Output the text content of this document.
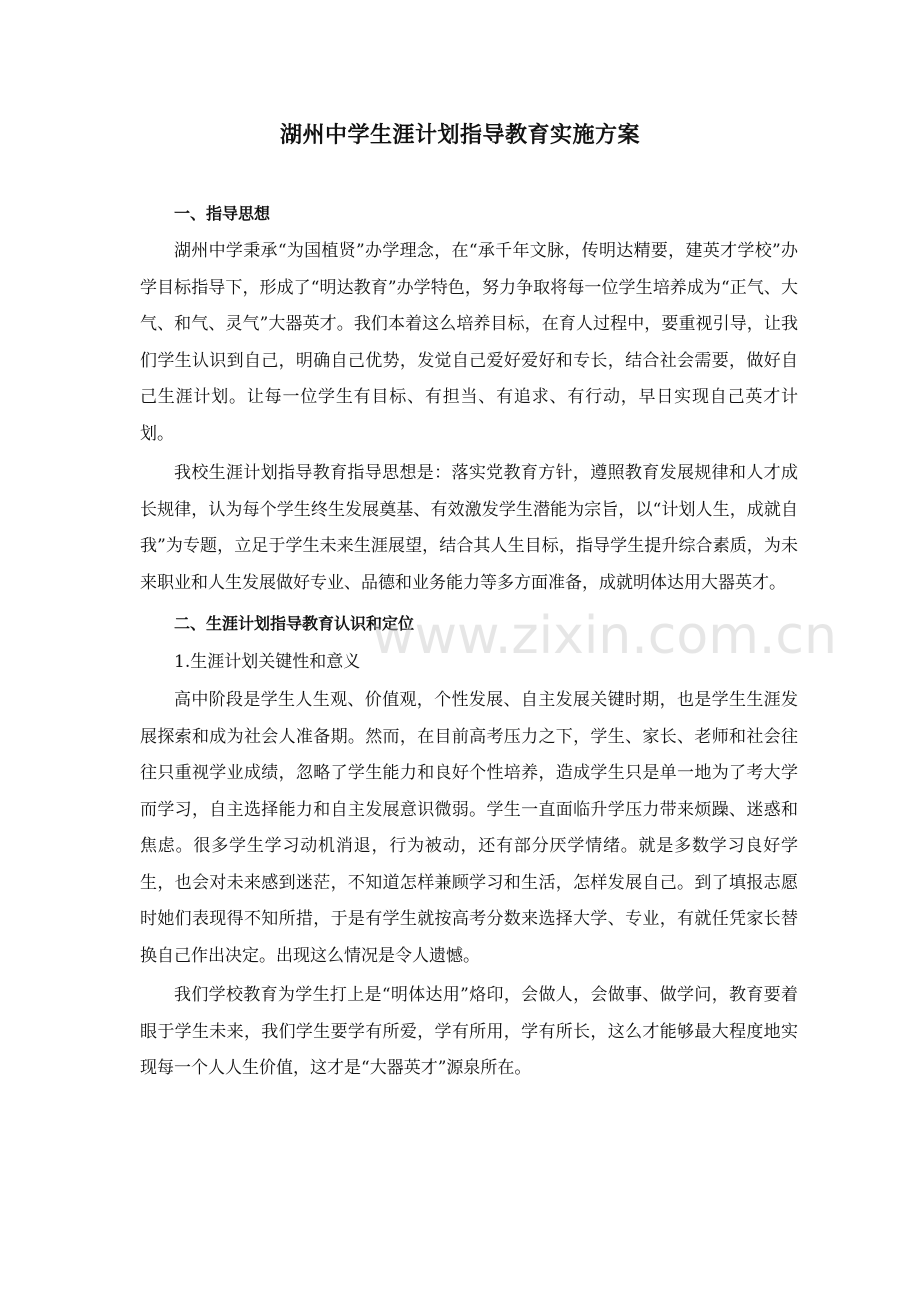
湖州中学生涯计划指导教育实施方案

一、指导思想

湖州中学秉承“为国植贤”办学理念，在“承千年文脉，传明达精要，建英才学校”办学目标指导下，形成了“明达教育”办学特色，努力争取将每一位学生培养成为“正气、大气、和气、灵气”大器英才。我们本着这么培养目标，在育人过程中，要重视引导，让我们学生认识到自己，明确自己优势，发觉自己爱好爱好和专长，结合社会需要，做好自己生涯计划。让每一位学生有目标、有担当、有追求、有行动，早日实现自己英才计划。

我校生涯计划指导教育指导思想是：落实党教育方针，遵照教育发展规律和人才成长规律，认为每个学生终生发展奠基、有效激发学生潜能为宗旨，以“计划人生，成就自我”为专题，立足于学生未来生涯展望，结合其人生目标，指导学生提升综合素质，为未来职业和人生发展做好专业、品德和业务能力等多方面准备，成就明体达用大器英才。

二、生涯计划指导教育认识和定位

1.生涯计划关键性和意义

高中阶段是学生人生观、价值观，个性发展、自主发展关键时期，也是学生生涯发展探索和成为社会人准备期。然而，在目前高考压力之下，学生、家长、老师和社会往往只重视学业成绩，忽略了学生能力和良好个性培养，造成学生只是单一地为了考大学而学习，自主选择能力和自主发展意识微弱。学生一直面临升学压力带来烦躁、迷惑和焦虑。很多学生学习动机消退，行为被动，还有部分厌学情绪。就是多数学习良好学生，也会对未来感到迷茫，不知道怎样兼顾学习和生活，怎样发展自己。到了填报志愿时她们表现得不知所措，于是有学生就按高考分数来选择大学、专业，有就任凭家长替换自己作出决定。出现这么情况是令人遗憾。

我们学校教育为学生打上是“明体达用”烙印，会做人，会做事、做学问，教育要着眼于学生未来，我们学生要学有所爱，学有所用，学有所长，这么才能够最大程度地实现每一个人人生价值，这才是“大器英才”源泉所在。

www.zixin.com.cn
